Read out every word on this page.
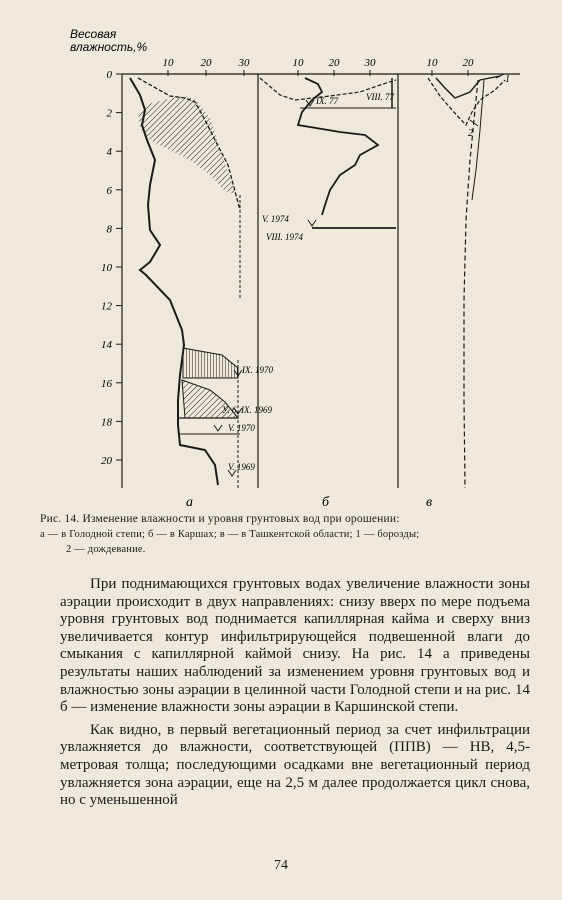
Весовая
влажность,%
0
2
4
6
8
10
12
14
16
18
20
10 20 30	10 20 30	10 20
IX. 1970
У. 6. IX. 1969
V. 1970
V. 1969
IX. 77	VIII. 77
V. 1974
VIII. 1974
1
2
а	б	в
Рис. 14. Изменение влажности и уровня грунтовых вод при орошении:
а — в Голодной степи; б — в Каршах; в — в Ташкентской области; 1 — борозды;
2 — дождевание.

При поднимающихся грунтовых водах увеличение влажности зоны аэрации происходит в двух направлениях: снизу вверх по мере подъема уровня грунтовых вод поднимается капиллярная кайма и сверху вниз увеличивается контур инфильтрирующейся подвешенной влаги до смыкания с капиллярной каймой снизу. На рис. 14 а приведены результаты наших наблюдений за изменением уровня грунтовых вод и влажностью зоны аэрации в целинной части Голодной степи и на рис. 14 б — изменение влажности зоны аэрации в Каршинской степи.

Как видно, в первый вегетационный период за счет инфильтрации увлажняется до влажности, соответствующей (ППВ) — НВ, 4,5-метровая толща; последующими осадками вне вегетационный период увлажняется зона аэрации, еще на 2,5 м далее продолжается цикл снова, но с уменьшенной

74
